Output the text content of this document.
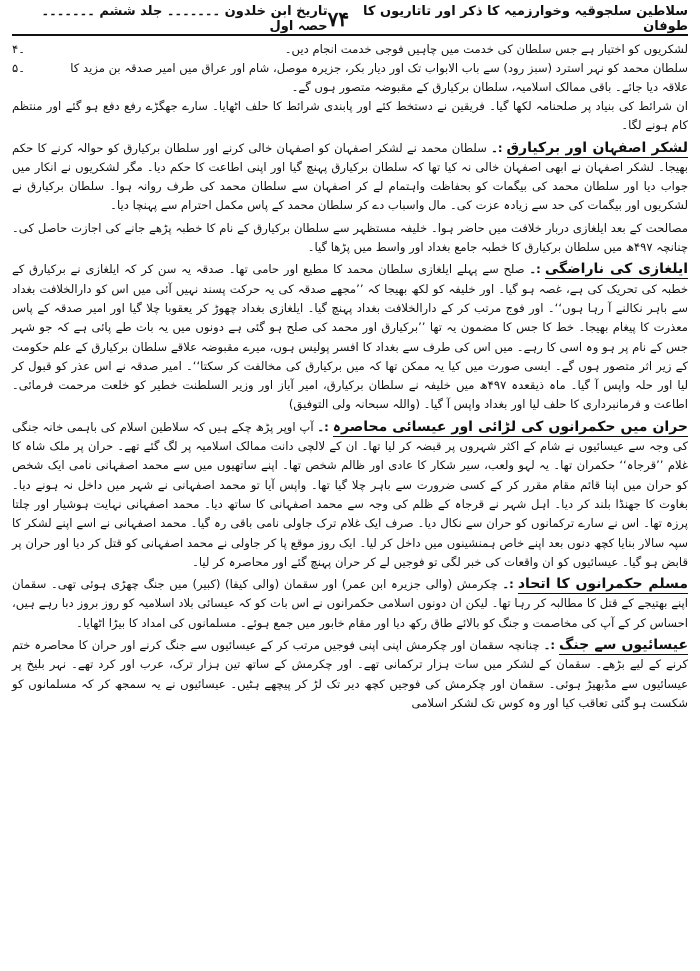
سلاطین سلجوقیہ وخوارزمیہ کا ذکر اور تاتاریوں کا طوفان
۷۴
تاریخ ابن خلدون ۔۔۔۔۔۔۔ جلد ششم ۔۔۔۔۔۔۔ حصہ اول
لشکریوں کو اختیار ہے جس سلطان کی خدمت میں چاہیں فوجی خدمت انجام دیں۔
۴۔
سلطان محمد کو نہر استرد (سبز رود) سے باب الابواب تک اور دیار بکر، جزیرہ موصل، شام اور عراق میں امیر صدقہ بن مزید کا علاقہ دیا جائے۔ باقی ممالک اسلامیہ، سلطان برکیارق کے مقبوضہ متصور ہوں گے۔
۵۔

ان شرائط کی بنیاد پر صلحنامہ لکھا گیا۔ فریقین نے دستخط کئے اور پابندی شرائط کا حلف اٹھایا۔ سارے جھگڑے رفع دفع ہو گئے اور منتظم کام ہونے لگا۔

لشکر اصفہان اور برکیارق:۔ سلطان محمد نے لشکر اصفہان کو اصفہان خالی کرنے اور سلطان برکیارق کو حوالہ کرنے کا حکم بھیجا۔ لشکر اصفہان نے ابھی اصفہان خالی نہ کیا تھا کہ سلطان برکیارق پہنچ گیا اور اپنی اطاعت کا حکم دیا۔ مگر لشکریوں نے انکار میں جواب دیا اور سلطان محمد کی بیگمات کو بحفاظت واہتمام لے کر اصفہان سے سلطان محمد کی طرف روانہ ہوا۔ سلطان برکیارق نے لشکریوں اور بیگمات کی حد سے زیادہ عزت کی۔ مال واسباب دے کر سلطان محمد کے پاس مکمل احترام سے پہنچا دیا۔

مصالحت کے بعد ایلغازی دربار خلافت میں حاضر ہوا۔ خلیفہ مستظہر سے سلطان برکیارق کے نام کا خطبہ پڑھے جانے کی اجازت حاصل کی۔ چنانچہ ۴۹۷ھ میں سلطان برکیارق کا خطبہ جامع بغداد اور واسط میں پڑھا گیا۔

ایلغازی کی ناراضگی:۔ صلح سے پہلے ایلغازی سلطان محمد کا مطیع اور حامی تھا۔ صدقہ یہ سن کر کہ ایلغازی نے برکیارق کے خطبہ کی تحریک کی ہے، غصہ ہو گیا۔ اور خلیفہ کو لکھ بھیجا کہ ’’مجھے صدقہ کی یہ حرکت پسند نہیں آئی میں اس کو دارالخلافت بغداد سے باہر نکالنے آ رہا ہوں‘‘۔ اور فوج مرتب کر کے دارالخلافت بغداد پہنچ گیا۔ ایلغازی بغداد چھوڑ کر یعقوبا چلا گیا اور امیر صدقہ کے پاس معذرت کا پیغام بھیجا۔ خط کا جس کا مضمون یہ تھا ’’برکیارق اور محمد کی صلح ہو گئی ہے دونوں میں یہ بات طے پائی ہے کہ جو شہر جس کے نام پر ہو وہ اسی کا رہے۔ میں اس کی طرف سے بغداد کا افسر پولیس ہوں، میرے مقبوضہ علاقے سلطان برکیارق کے علم حکومت کے زیر اثر متصور ہوں گے۔ ایسی صورت میں کیا یہ ممکن تھا کہ میں برکیارق کی مخالفت کر سکتا‘‘۔ امیر صدقہ نے اس عذر کو قبول کر لیا اور حلہ واپس آ گیا۔ ماہ ذیقعدہ ۴۹۷ھ میں خلیفہ نے سلطان برکیارق، امیر آیاز اور وزیر السلطنت خطیر کو خلعت مرحمت فرمائی۔ اطاعت و فرمانبرداری کا حلف لیا اور بغداد واپس آ گیا۔ (واللہ سبحانہ ولی التوفیق)

حران میں حکمرانوں کی لڑائی اور عیسائی محاصرہ:۔ آپ اوپر پڑھ چکے ہیں کہ سلاطین اسلام کی باہمی خانہ جنگی کی وجہ سے عیسائیوں نے شام کے اکثر شہروں پر قبضہ کر لیا تھا۔ ان کے لالچی دانت ممالک اسلامیہ پر لگ گئے تھے۔ حران پر ملک شاہ کا غلام ’’قرجاہ‘‘ حکمران تھا۔ یہ لہو ولعب، سیر شکار کا عادی اور ظالم شخص تھا۔ اپنے ساتھیوں میں سے محمد اصفہانی نامی ایک شخص کو حران میں اپنا قائم مقام مقرر کر کے کسی ضرورت سے باہر چلا گیا تھا۔ واپس آیا تو محمد اصفہانی نے شہر میں داخل نہ ہونے دیا۔ بغاوت کا جھنڈا بلند کر دیا۔ اہل شہر نے قرجاہ کے ظلم کی وجہ سے محمد اصفہانی کا ساتھ دیا۔ محمد اصفہانی نہایت ہوشیار اور چلتا پرزہ تھا۔ اس نے سارے ترکمانوں کو حران سے نکال دیا۔ صرف ایک غلام ترک جاولی نامی باقی رہ گیا۔ محمد اصفہانی نے اسے اپنے لشکر کا سپہ سالار بنایا کچھ دنوں بعد اپنے خاص ہمنشینوں میں داخل کر لیا۔ ایک روز موقع پا کر جاولی نے محمد اصفہانی کو قتل کر دیا اور حران پر قابض ہو گیا۔ عیسائیوں کو ان واقعات کی خبر لگی تو فوجیں لے کر حران پہنچ گئے اور محاصرہ کر لیا۔

مسلم حکمرانوں کا اتحاد:۔ چکرمش (والی جزیرہ ابن عمر) اور سقمان (والی کیفا) (کبیر) میں جنگ چھڑی ہوئی تھی۔ سقمان اپنے بھتیجے کے قتل کا مطالبہ کر رہا تھا۔ لیکن ان دونوں اسلامی حکمرانوں نے اس بات کو کہ عیسائی بلاد اسلامیہ کو روز بروز دبا رہے ہیں، احساس کر کے آپ کی مخاصمت و جنگ کو بالائے طاق رکھ دیا اور مقام خابور میں جمع ہوئے۔ مسلمانوں کی امداد کا بیڑا اٹھایا۔

عیسائیوں سے جنگ:۔ چنانچہ سقمان اور چکرمش اپنی اپنی فوجیں مرتب کر کے عیسائیوں سے جنگ کرنے اور حران کا محاصرہ ختم کرنے کے لیے بڑھے۔ سقمان کے لشکر میں سات ہزار ترکمانی تھے۔ اور چکرمش کے ساتھ تین ہزار ترک، عرب اور کرد تھے۔ نہر بلیخ پر عیسائیوں سے مڈبھیڑ ہوئی۔ سقمان اور چکرمش کی فوجیں کچھ دیر تک لڑ کر پیچھے ہٹیں۔ عیسائیوں نے یہ سمجھ کر کہ مسلمانوں کو شکست ہو گئی تعاقب کیا اور وہ کوس تک لشکر اسلامی
